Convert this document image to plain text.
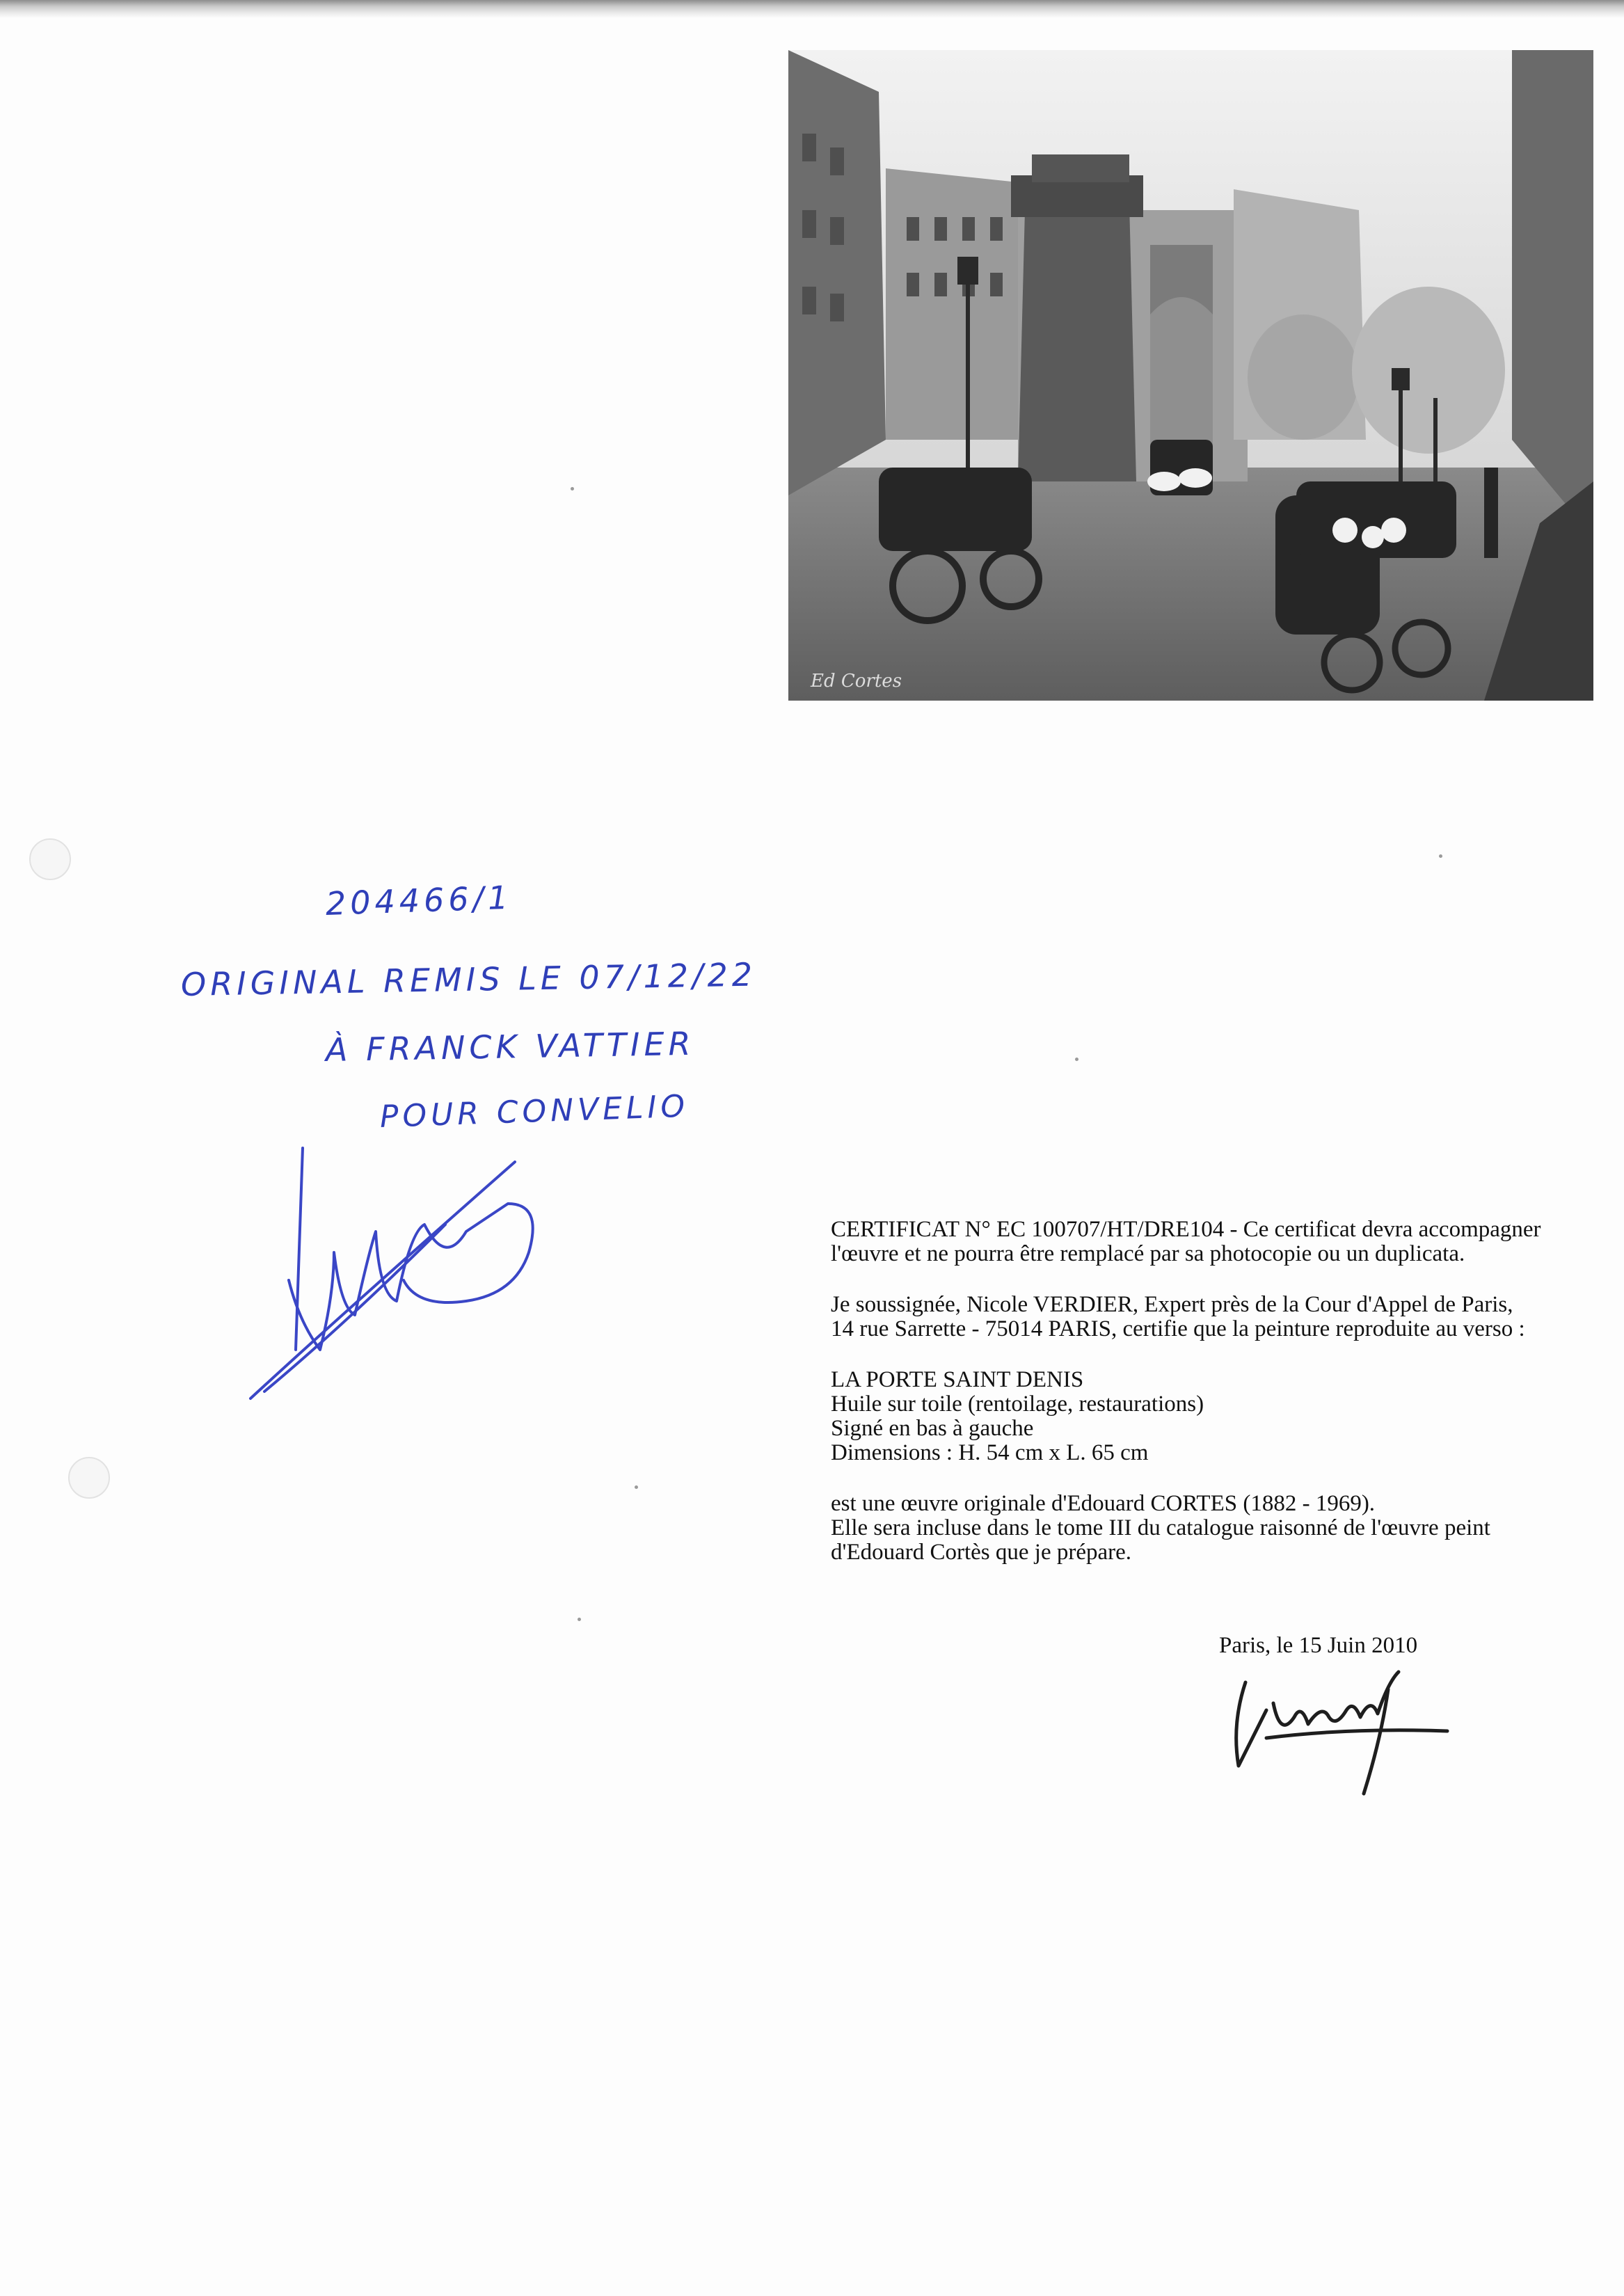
Ed Cortes
204466/1
ORIGINAL REMIS LE 07/12/22
À FRANCK VATTIER
POUR CONVELIO

CERTIFICAT N° EC 100707/HT/DRE104 - Ce certificat devra accompagner

l'œuvre et ne pourra être remplacé par sa photocopie ou un duplicata.

Je soussignée, Nicole VERDIER, Expert près de la Cour d'Appel de Paris,

14 rue Sarrette - 75014 PARIS, certifie que la peinture reproduite au verso :

LA PORTE SAINT DENIS

Huile sur toile (rentoilage, restaurations)

Signé en bas à gauche

Dimensions : H. 54 cm x L. 65 cm

est une œuvre originale d'Edouard CORTES (1882 - 1969).

Elle sera incluse dans le tome III du catalogue raisonné de l'œuvre peint

d'Edouard Cortès que je prépare.

Paris, le 15 Juin 2010
